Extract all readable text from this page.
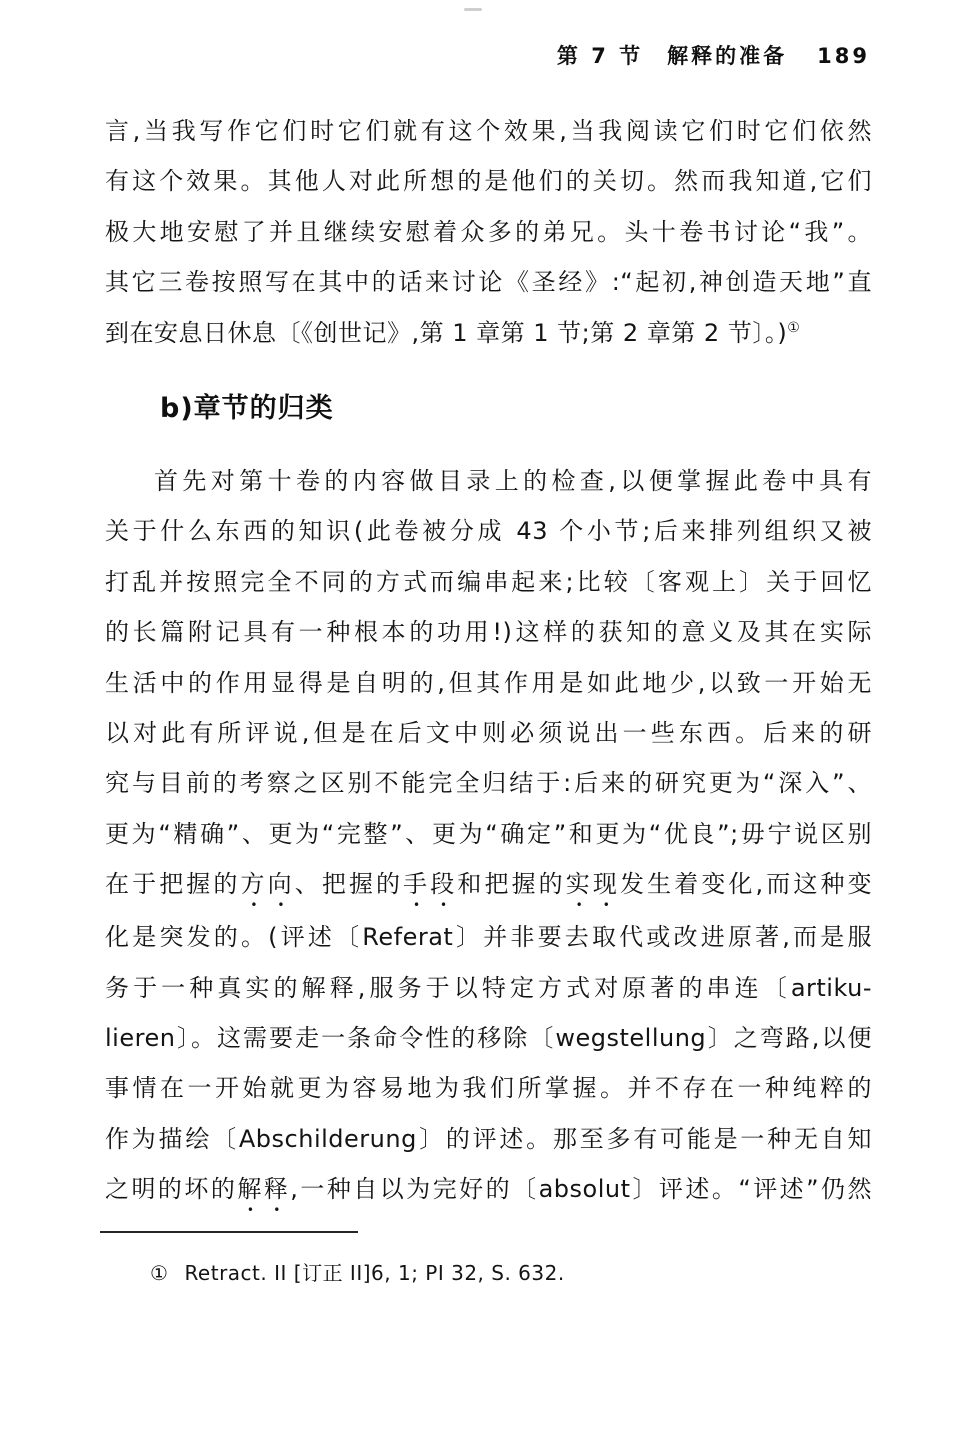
第 7 节　解释的准备 189
言,当我写作它们时它们就有这个效果,当我阅读它们时它们依然
有这个效果。其他人对此所想的是他们的关切。然而我知道,它们
极大地安慰了并且继续安慰着众多的弟兄。头十卷书讨论“我”。
其它三卷按照写在其中的话来讨论《圣经》:“起初,神创造天地”直
到在安息日休息〔《创世记》,第 1 章第 1 节;第 2 章第 2 节〕。)①
b)章节的归类
首先对第十卷的内容做目录上的检查,以便掌握此卷中具有
关于什么东西的知识(此卷被分成 43 个小节;后来排列组织又被
打乱并按照完全不同的方式而编串起来;比较〔客观上〕关于回忆
的长篇附记具有一种根本的功用!)这样的获知的意义及其在实际
生活中的作用显得是自明的,但其作用是如此地少,以致一开始无
以对此有所评说,但是在后文中则必须说出一些东西。后来的研
究与目前的考察之区别不能完全归结于:后来的研究更为“深入”、
更为“精确”、更为“完整”、更为“确定”和更为“优良”;毋宁说区别
在于把握的方向、把握的手段和把握的实现发生着变化,而这种变
化是突发的。(评述〔Referat〕并非要去取代或改进原著,而是服
务于一种真实的解释,服务于以特定方式对原著的串连〔artiku-
lieren〕。这需要走一条命令性的移除〔wegstellung〕之弯路,以便
事情在一开始就更为容易地为我们所掌握。并不存在一种纯粹的
作为描绘〔Abschilderung〕的评述。那至多有可能是一种无自知
之明的坏的解释,一种自以为完好的〔absolut〕评述。“评述”仍然
① Retract. II [订正 II]6, 1; PI 32, S. 632.
